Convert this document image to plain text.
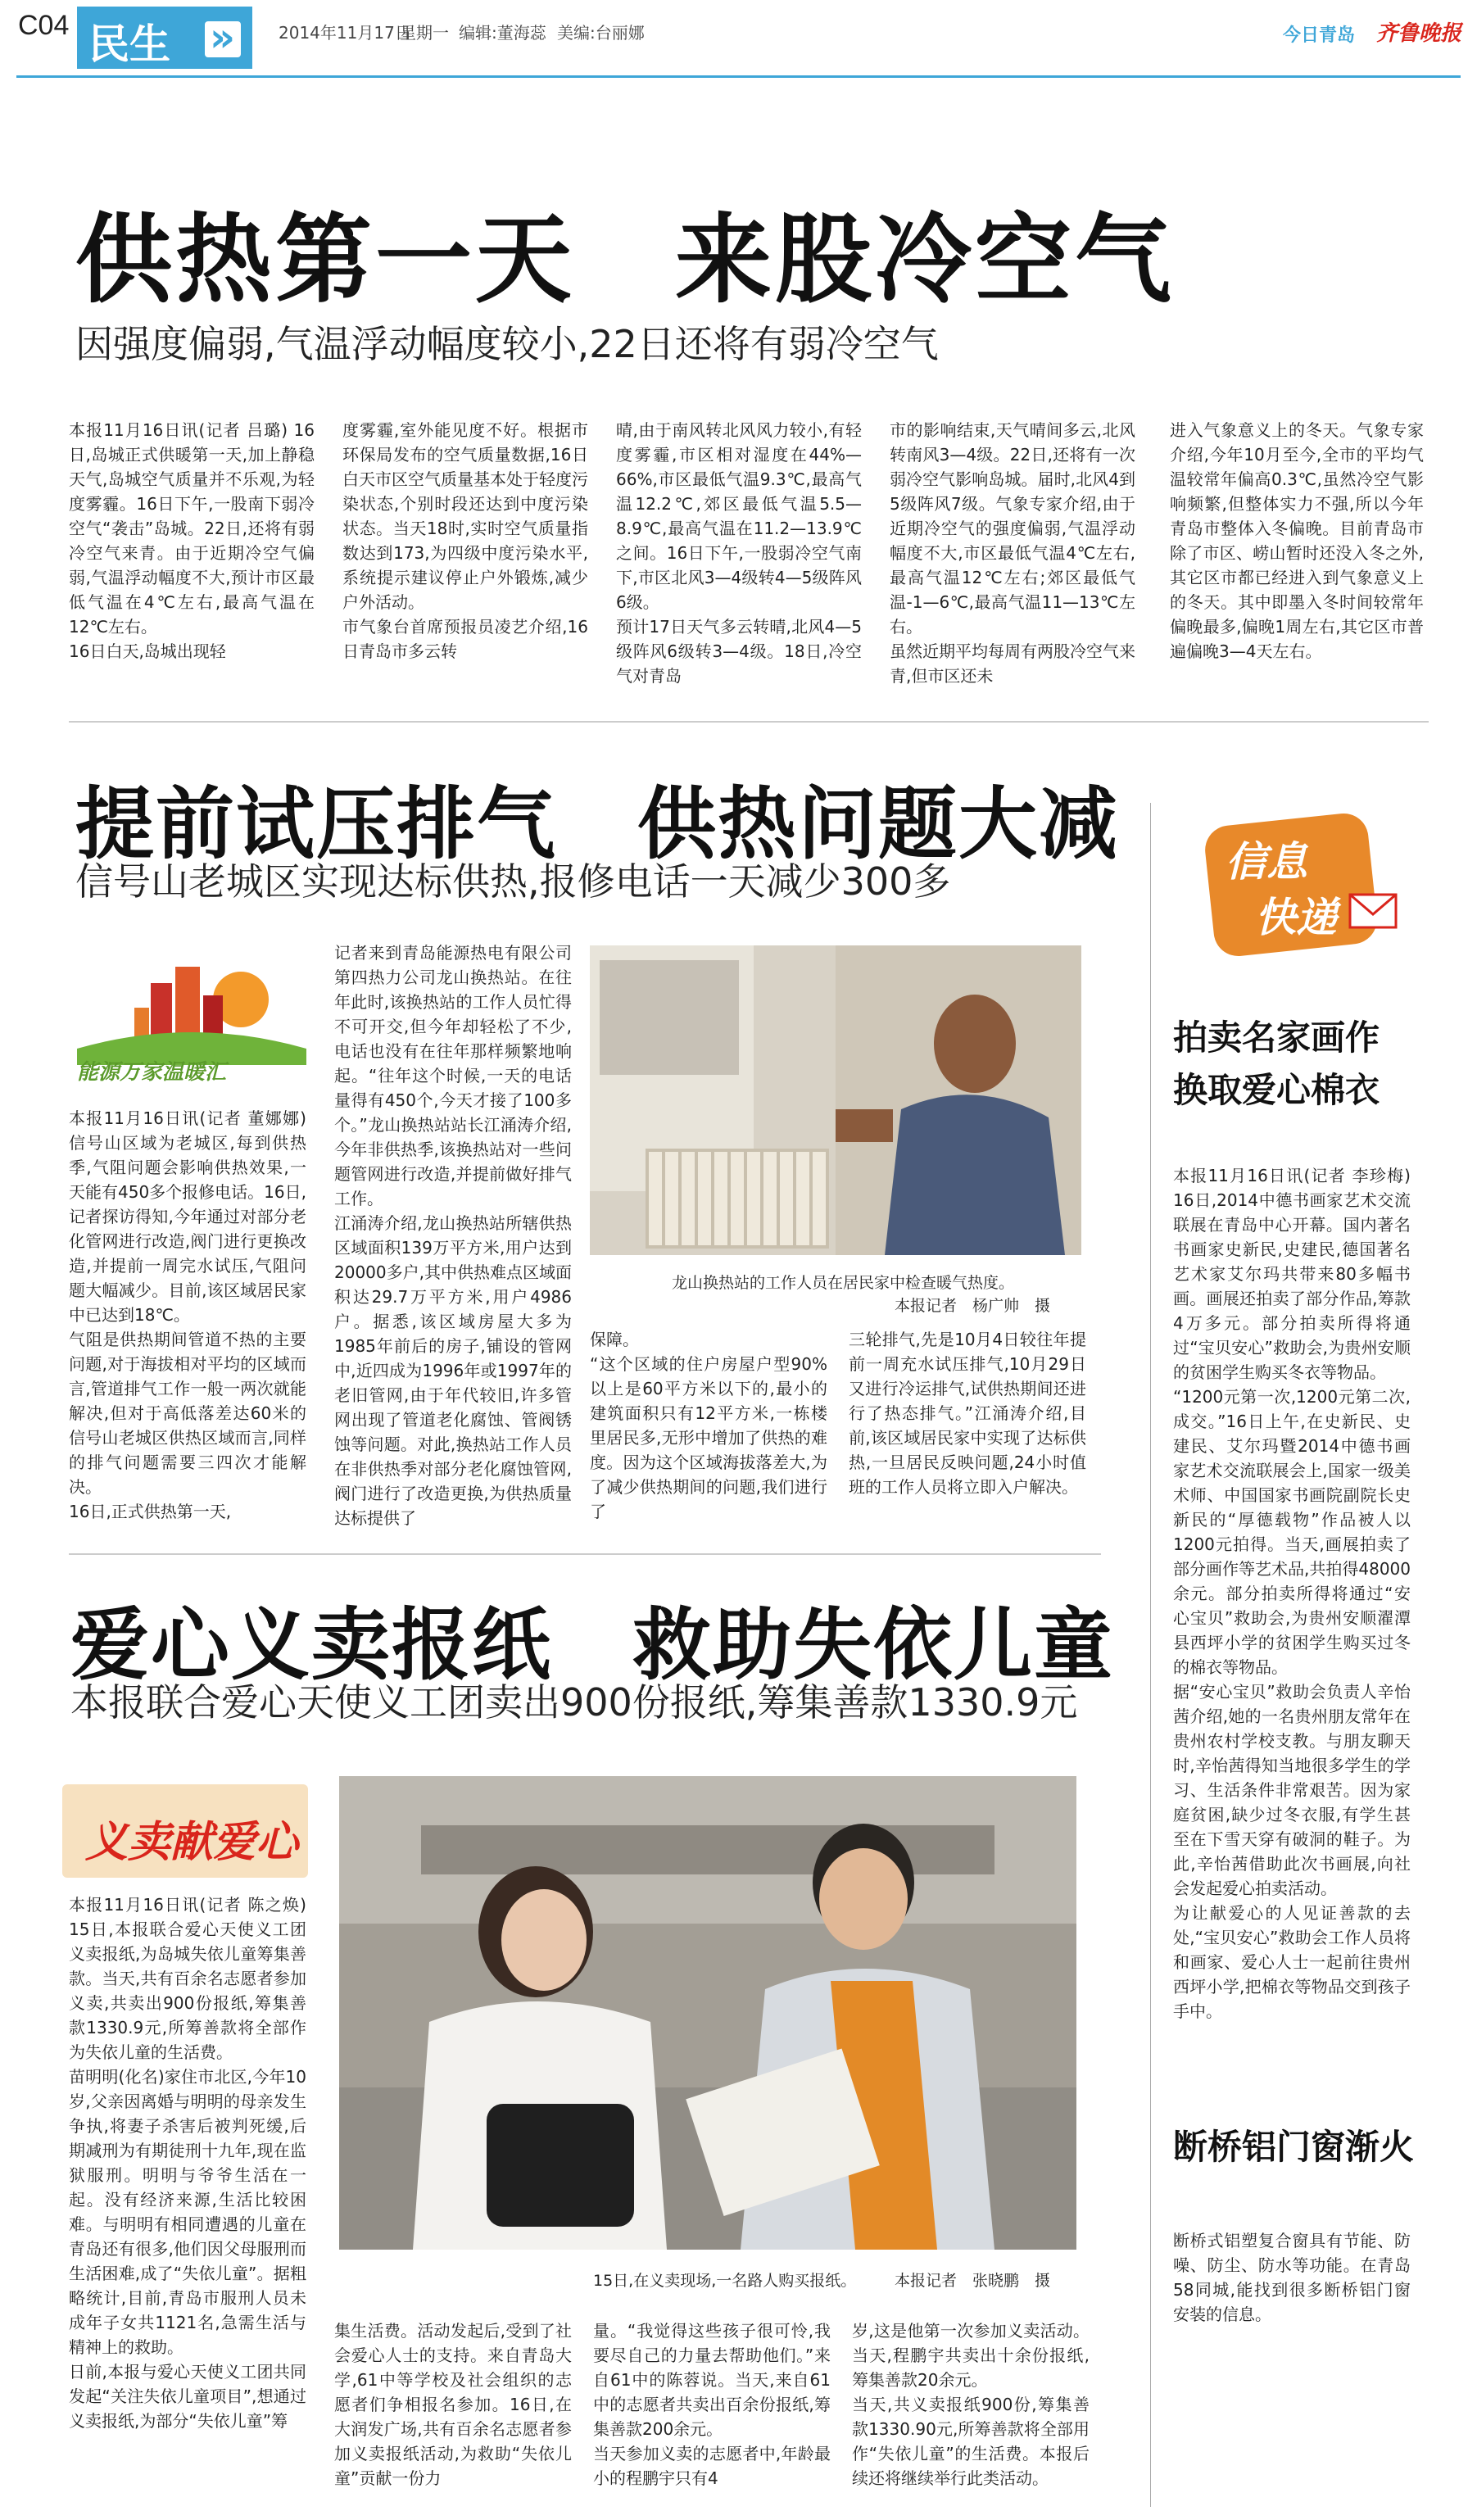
C04 民生
»	2014年11月17日
星期一 编辑:董海蕊 美编:台丽娜	今日青岛 齐鲁晚报
供热第一天　来股冷空气
因强度偏弱,气温浮动幅度较小,22日还将有弱冷空气
本报11月16日讯(记者 吕璐) 16日,岛城正式供暖第一天,加上静稳天气,岛城空气质量并不乐观,为轻度雾霾。16日下午,一股南下弱冷空气“袭击”岛城。22日,还将有弱冷空气来青。由于近期冷空气偏弱,气温浮动幅度不大,预计市区最低气温在4℃左右,最高气温在12℃左右。
16日白天,岛城出现轻
度雾霾,室外能见度不好。根据市环保局发布的空气质量数据,16日白天市区空气质量基本处于轻度污染状态,个别时段还达到中度污染状态。当天18时,实时空气质量指数达到173,为四级中度污染水平,系统提示建议停止户外锻炼,减少户外活动。
市气象台首席预报员凌艺介绍,16日青岛市多云转
晴,由于南风转北风风力较小,有轻度雾霾,市区相对湿度在44%—66%,市区最低气温9.3℃,最高气温12.2℃,郊区最低气温5.5—8.9℃,最高气温在11.2—13.9℃之间。16日下午,一股弱冷空气南下,市区北风3—4级转4—5级阵风6级。
预计17日天气多云转晴,北风4—5级阵风6级转3—4级。18日,冷空气对青岛
市的影响结束,天气晴间多云,北风转南风3—4级。22日,还将有一次弱冷空气影响岛城。届时,北风4到5级阵风7级。气象专家介绍,由于近期冷空气的强度偏弱,气温浮动幅度不大,市区最低气温4℃左右,最高气温12℃左右;郊区最低气温-1—6℃,最高气温11—13℃左右。
虽然近期平均每周有两股冷空气来青,但市区还未
进入气象意义上的冬天。气象专家介绍,今年10月至今,全市的平均气温较常年偏高0.3℃,虽然冷空气影响频繁,但整体实力不强,所以今年青岛市整体入冬偏晚。目前青岛市除了市区、崂山暂时还没入冬之外,其它区市都已经进入到气象意义上的冬天。其中即墨入冬时间较常年偏晚最多,偏晚1周左右,其它区市普遍偏晚3—4天左右。
提前试压排气　供热问题大减
信号山老城区实现达标供热,报修电话一天减少300多
能源万家温暖汇
本报11月16日讯(记者 董娜娜) 信号山区域为老城区,每到供热季,气阻问题会影响供热效果,一天能有450多个报修电话。16日,记者探访得知,今年通过对部分老化管网进行改造,阀门进行更换改造,并提前一周完水试压,气阻问题大幅减少。目前,该区域居民家中已达到18℃。
气阻是供热期间管道不热的主要问题,对于海拔相对平均的区域而言,管道排气工作一般一两次就能解决,但对于高低落差达60米的信号山老城区供热区域而言,同样的排气问题需要三四次才能解决。
16日,正式供热第一天,
记者来到青岛能源热电有限公司第四热力公司龙山换热站。在往年此时,该换热站的工作人员忙得不可开交,但今年却轻松了不少,电话也没有在往年那样频繁地响起。“往年这个时候,一天的电话量得有450个,今天才接了100多个。”龙山换热站站长江涌涛介绍,今年非供热季,该换热站对一些问题管网进行改造,并提前做好排气工作。
江涌涛介绍,龙山换热站所辖供热区域面积139万平方米,用户达到20000多户,其中供热难点区域面积达29.7万平方米,用户4986户。据悉,该区域房屋大多为1985年前后的房子,铺设的管网中,近四成为1996年或1997年的老旧管网,由于年代较旧,许多管网出现了管道老化腐蚀、管阀锈蚀等问题。对此,换热站工作人员在非供热季对部分老化腐蚀管网,阀门进行了改造更换,为供热质量达标提供了
龙山换热站的工作人员在居民家中检查暖气热度。
本报记者　杨广帅　摄
保障。
“这个区域的住户房屋户型90%以上是60平方米以下的,最小的建筑面积只有12平方米,一栋楼里居民多,无形中增加了供热的难度。因为这个区域海拔落差大,为了减少供热期间的问题,我们进行了
三轮排气,先是10月4日较往年提前一周充水试压排气,10月29日又进行冷运排气,试供热期间还进行了热态排气。”江涌涛介绍,目前,该区域居民家中实现了达标供热,一旦居民反映问题,24小时值班的工作人员将立即入户解决。
爱心义卖报纸　救助失依儿童
本报联合爱心天使义工团卖出900份报纸,筹集善款1330.9元
义卖献爱心
本报11月16日讯(记者 陈之焕) 15日,本报联合爱心天使义工团义卖报纸,为岛城失依儿童筹集善款。当天,共有百余名志愿者参加义卖,共卖出900份报纸,筹集善款1330.9元,所筹善款将全部作为失依儿童的生活费。
苗明明(化名)家住市北区,今年10岁,父亲因离婚与明明的母亲发生争执,将妻子杀害后被判死缓,后期减刑为有期徒刑十九年,现在监狱服刑。明明与爷爷生活在一起。没有经济来源,生活比较困难。与明明有相同遭遇的儿童在青岛还有很多,他们因父母服刑而生活困难,成了“失依儿童”。据粗略统计,目前,青岛市服刑人员未成年子女共1121名,急需生活与精神上的救助。
日前,本报与爱心天使义工团共同发起“关注失依儿童项目”,想通过义卖报纸,为部分“失依儿童”筹
15日,在义卖现场,一名路人购买报纸。 本报记者　张晓鹏　摄
集生活费。活动发起后,受到了社会爱心人士的支持。来自青岛大学,61中等学校及社会组织的志愿者们争相报名参加。16日,在大润发广场,共有百余名志愿者参加义卖报纸活动,为救助“失依儿童”贡献一份力
量。“我觉得这些孩子很可怜,我要尽自己的力量去帮助他们。”来自61中的陈蓉说。当天,来自61中的志愿者共卖出百余份报纸,筹集善款200余元。
当天参加义卖的志愿者中,年龄最小的程鹏宇只有4
岁,这是他第一次参加义卖活动。当天,程鹏宇共卖出十余份报纸,筹集善款20余元。
当天,共义卖报纸900份,筹集善款1330.90元,所筹善款将全部用作“失依儿童”的生活费。本报后续还将继续举行此类活动。
信息
快递
拍卖名家画作
换取爱心棉衣
本报11月16日讯(记者 李珍梅) 16日,2014中德书画家艺术交流联展在青岛中心开幕。国内著名书画家史新民,史建民,德国著名艺术家艾尔玛共带来80多幅书画。画展还拍卖了部分作品,筹款4万多元。部分拍卖所得将通过“宝贝安心”救助会,为贵州安顺的贫困学生购买冬衣等物品。
“1200元第一次,1200元第二次,成交。”16日上午,在史新民、史建民、艾尔玛暨2014中德书画家艺术交流联展会上,国家一级美术师、中国国家书画院副院长史新民的“厚德载物”作品被人以1200元拍得。当天,画展拍卖了部分画作等艺术品,共拍得48000余元。部分拍卖所得将通过“安心宝贝”救助会,为贵州安顺濯潭县西坪小学的贫困学生购买过冬的棉衣等物品。
据“安心宝贝”救助会负责人辛怡茜介绍,她的一名贵州朋友常年在贵州农村学校支教。与朋友聊天时,辛怡茜得知当地很多学生的学习、生活条件非常艰苦。因为家庭贫困,缺少过冬衣服,有学生甚至在下雪天穿有破洞的鞋子。为此,辛怡茜借助此次书画展,向社会发起爱心拍卖活动。
为让献爱心的人见证善款的去处,“宝贝安心”救助会工作人员将和画家、爱心人士一起前往贵州西坪小学,把棉衣等物品交到孩子手中。
断桥铝门窗渐火
断桥式铝塑复合窗具有节能、防噪、防尘、防水等功能。在青岛58同城,能找到很多断桥铝门窗安装的信息。
